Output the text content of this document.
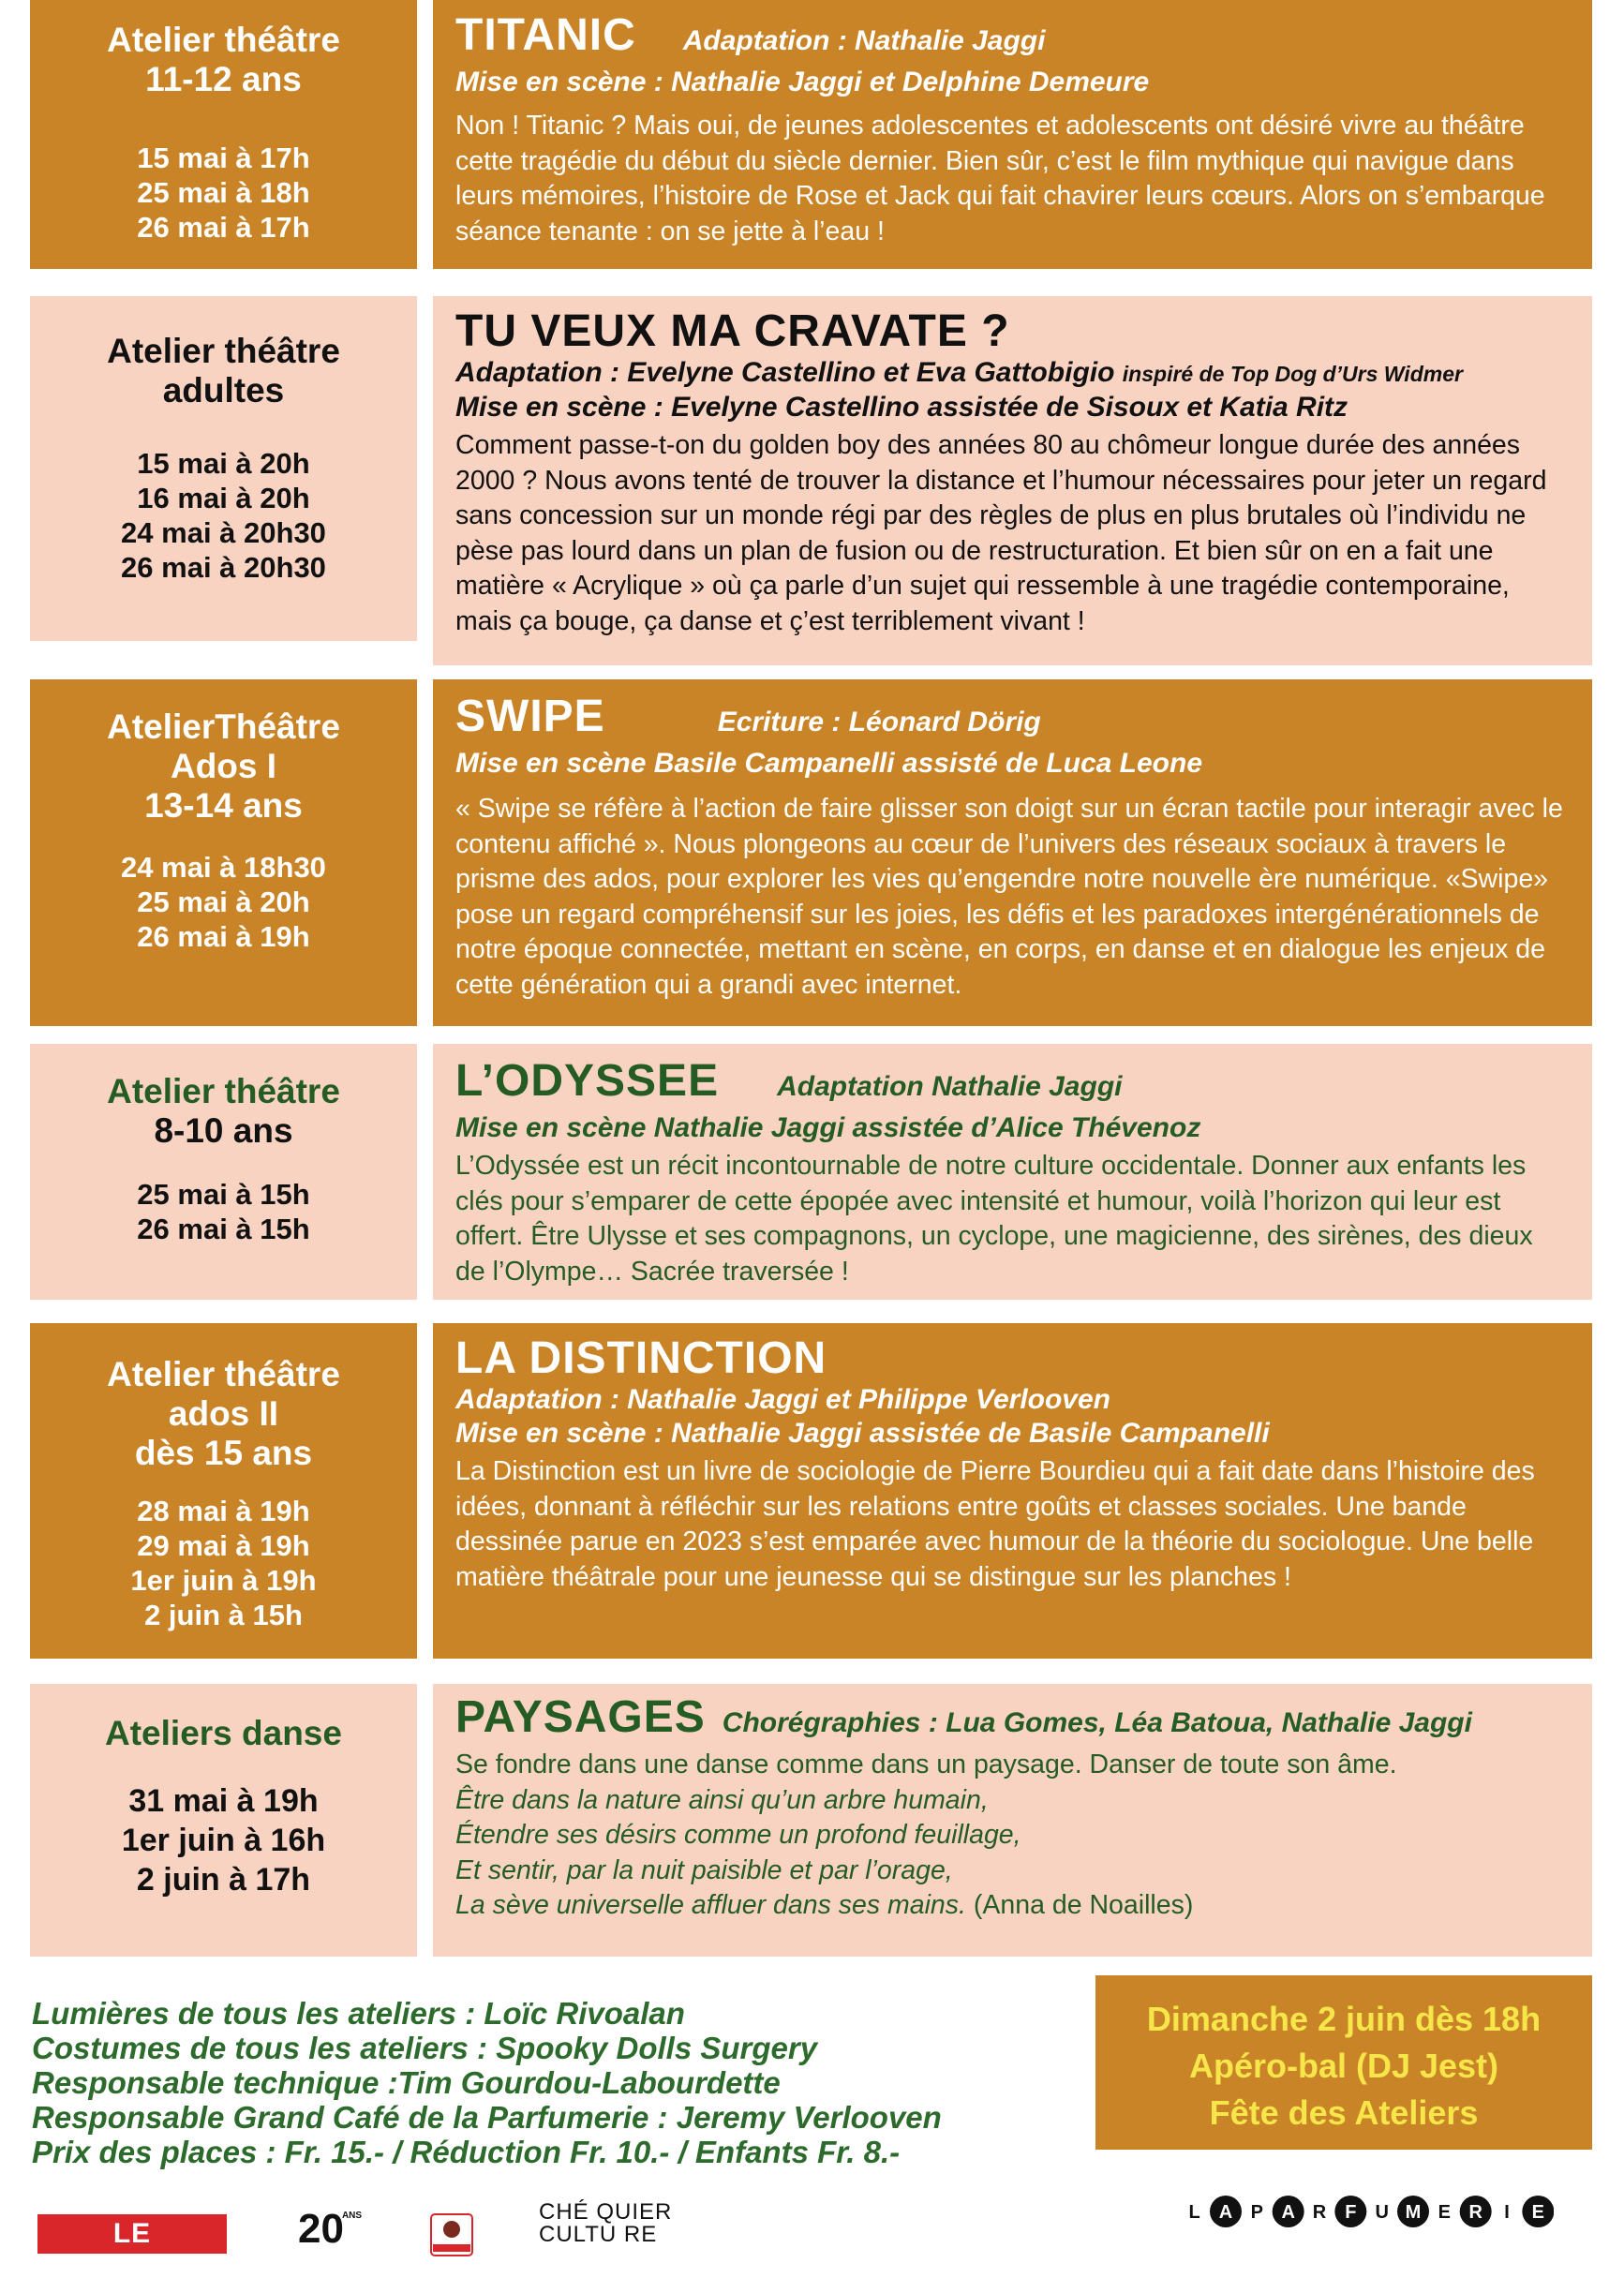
Atelier théâtre
11-12 ans
15 mai à 17h
25 mai à 18h
26 mai à 17h
TITANIC Adaptation : Nathalie Jaggi
Mise en scène : Nathalie Jaggi et Delphine Demeure

Non ! Titanic ? Mais oui, de jeunes adolescentes et adolescents ont désiré vivre au théâtre cette tragédie du début du siècle dernier. Bien sûr, c’est le film mythique qui navigue dans leurs mémoires, l’histoire de Rose et Jack qui fait chavirer leurs cœurs. Alors on s’embarque séance tenante : on se jette à l’eau !

Atelier théâtre
adultes
15 mai à 20h
16 mai à 20h
24 mai à 20h30
26 mai à 20h30
TU VEUX MA CRAVATE ?
Adaptation : Evelyne Castellino et Eva Gattobigio inspiré de Top Dog d’Urs Widmer
Mise en scène : Evelyne Castellino assistée de Sisoux et Katia Ritz

Comment passe-t-on du golden boy des années 80 au chômeur longue durée des années 2000 ? Nous avons tenté de trouver la distance et l’humour nécessaires pour jeter un regard sans concession sur un monde régi par des règles de plus en plus brutales où l’individu ne pèse pas lourd dans un plan de fusion ou de restructuration. Et bien sûr on en a fait une matière « Acrylique » où ça parle d’un sujet qui ressemble à une tragédie contemporaine, mais ça bouge, ça danse et ç’est terriblement vivant !

AtelierThéâtre
Ados I
13-14 ans
24 mai à 18h30
25 mai à 20h
26 mai à 19h
SWIPE	Ecriture : Léonard Dörig
Mise en scène Basile Campanelli assisté de Luca Leone

« Swipe se réfère à l’action de faire glisser son doigt sur un écran tactile pour interagir avec le contenu affiché ». Nous plongeons au cœur de l’univers des réseaux sociaux à travers le prisme des ados, pour explorer les vies qu’engendre notre nouvelle ère numérique. «Swipe» pose un regard compréhensif sur les joies, les défis et les paradoxes intergénérationnels de notre époque connectée, mettant en scène, en corps, en danse et en dialogue les enjeux de cette génération qui a grandi avec internet.

Atelier théâtre
8-10 ans
25 mai à 15h
26 mai à 15h
L’ODYSSEE Adaptation Nathalie Jaggi
Mise en scène Nathalie Jaggi assistée d’Alice Thévenoz

L’Odyssée est un récit incontournable de notre culture occidentale. Donner aux enfants les clés pour s’emparer de cette épopée avec intensité et humour, voilà l’horizon qui leur est offert. Être Ulysse et ses compagnons, un cyclope, une magicienne, des sirènes, des dieux de l’Olympe… Sacrée traversée !

Atelier théâtre
ados II
dès 15 ans
28 mai à 19h
29 mai à 19h
1er juin à 19h
2 juin à 15h
LA DISTINCTION
Adaptation : Nathalie Jaggi et Philippe Verlooven
Mise en scène : Nathalie Jaggi assistée de Basile Campanelli

La Distinction est un livre de sociologie de Pierre Bourdieu qui a fait date dans l’histoire des idées, donnant à réfléchir sur les relations entre goûts et classes sociales. Une bande dessinée parue en 2023 s’est emparée avec humour de la théorie du sociologue. Une belle matière théâtrale pour une jeunesse qui se distingue sur les planches !

Ateliers danse
31 mai à 19h
1er juin à 16h
2 juin à 17h
PAYSAGES Chorégraphies : Lua Gomes, Léa Batoua, Nathalie Jaggi

Se fondre dans une danse comme dans un paysage. Danser de toute son âme.

Être dans la nature ainsi qu’un arbre humain,

Étendre ses désirs comme un profond feuillage,

Et sentir, par la nuit paisible et par l’orage,

La sève universelle affluer dans ses mains. (Anna de Noailles)

Lumières de tous les ateliers : Loïc Rivoalan
Costumes de tous les ateliers : Spooky Dolls Surgery
Responsable technique :Tim Gourdou-Labourdette
Responsable Grand Café de la Parfumerie : Jeremy Verlooven
Prix des places : Fr. 15.- / Réduction Fr. 10.- / Enfants Fr. 8.-
Dimanche 2 juin dès 18h
Apéro-bal (DJ Jest)
Fête des Ateliers
LE COURRIER
$20^{ANS}$	CHÉ QUIER
CULTU RE
L A P A R F U M E R I E
